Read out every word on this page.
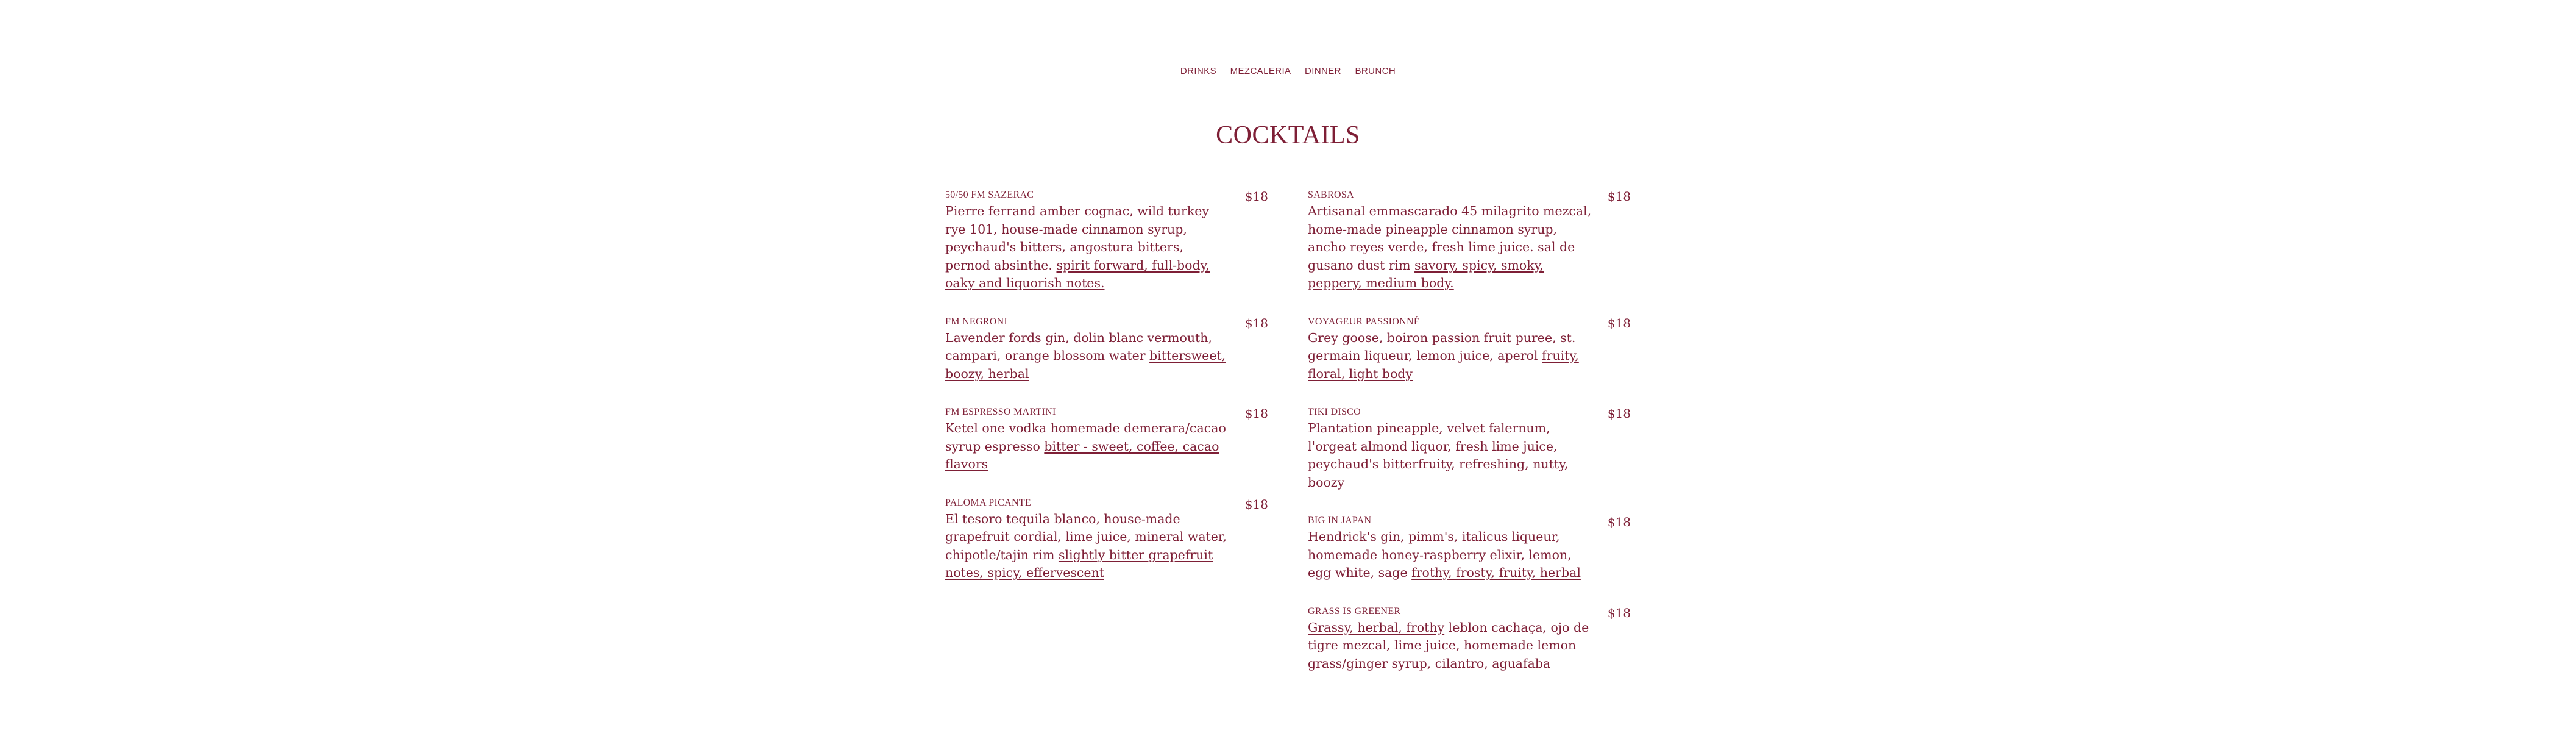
DRINKS MEZCALERIA DINNER BRUNCH
COCKTAILS
50/50 FM SAZERAC	$18
Pierre ferrand amber cognac, wild turkey rye 101, house-made cinnamon syrup, peychaud's bitters, angostura bitters, pernod absinthe. spirit forward, full-body, oaky and liquorish notes.
FM NEGRONI	$18
Lavender fords gin, dolin blanc vermouth, campari, orange blossom water bittersweet, boozy, herbal
FM ESPRESSO MARTINI	$18
Ketel one vodka homemade demerara/cacao syrup espresso bitter - sweet, coffee, cacao flavors
PALOMA PICANTE	$18
El tesoro tequila blanco, house-made grapefruit cordial, lime juice, mineral water, chipotle/tajin rim slightly bitter grapefruit notes, spicy, effervescent
SABROSA	$18
Artisanal emmascarado 45 milagrito mezcal, home-made pineapple cinnamon syrup, ancho reyes verde, fresh lime juice. sal de gusano dust rim savory, spicy, smoky, peppery, medium body.
VOYAGEUR PASSIONNÉ	$18
Grey goose, boiron passion fruit puree, st. germain liqueur, lemon juice, aperol fruity, floral, light body
TIKI DISCO	$18
Plantation pineapple, velvet falernum, l'orgeat almond liquor, fresh lime juice, peychaud's bitterfruity, refreshing, nutty, boozy
BIG IN JAPAN	$18
Hendrick's gin, pimm's, italicus liqueur, homemade honey-raspberry elixir, lemon, egg white, sage frothy, frosty, fruity, herbal
GRASS IS GREENER	$18
Grassy, herbal, frothy leblon cachaça, ojo de tigre mezcal, lime juice, homemade lemon grass/ginger syrup, cilantro, aguafaba
